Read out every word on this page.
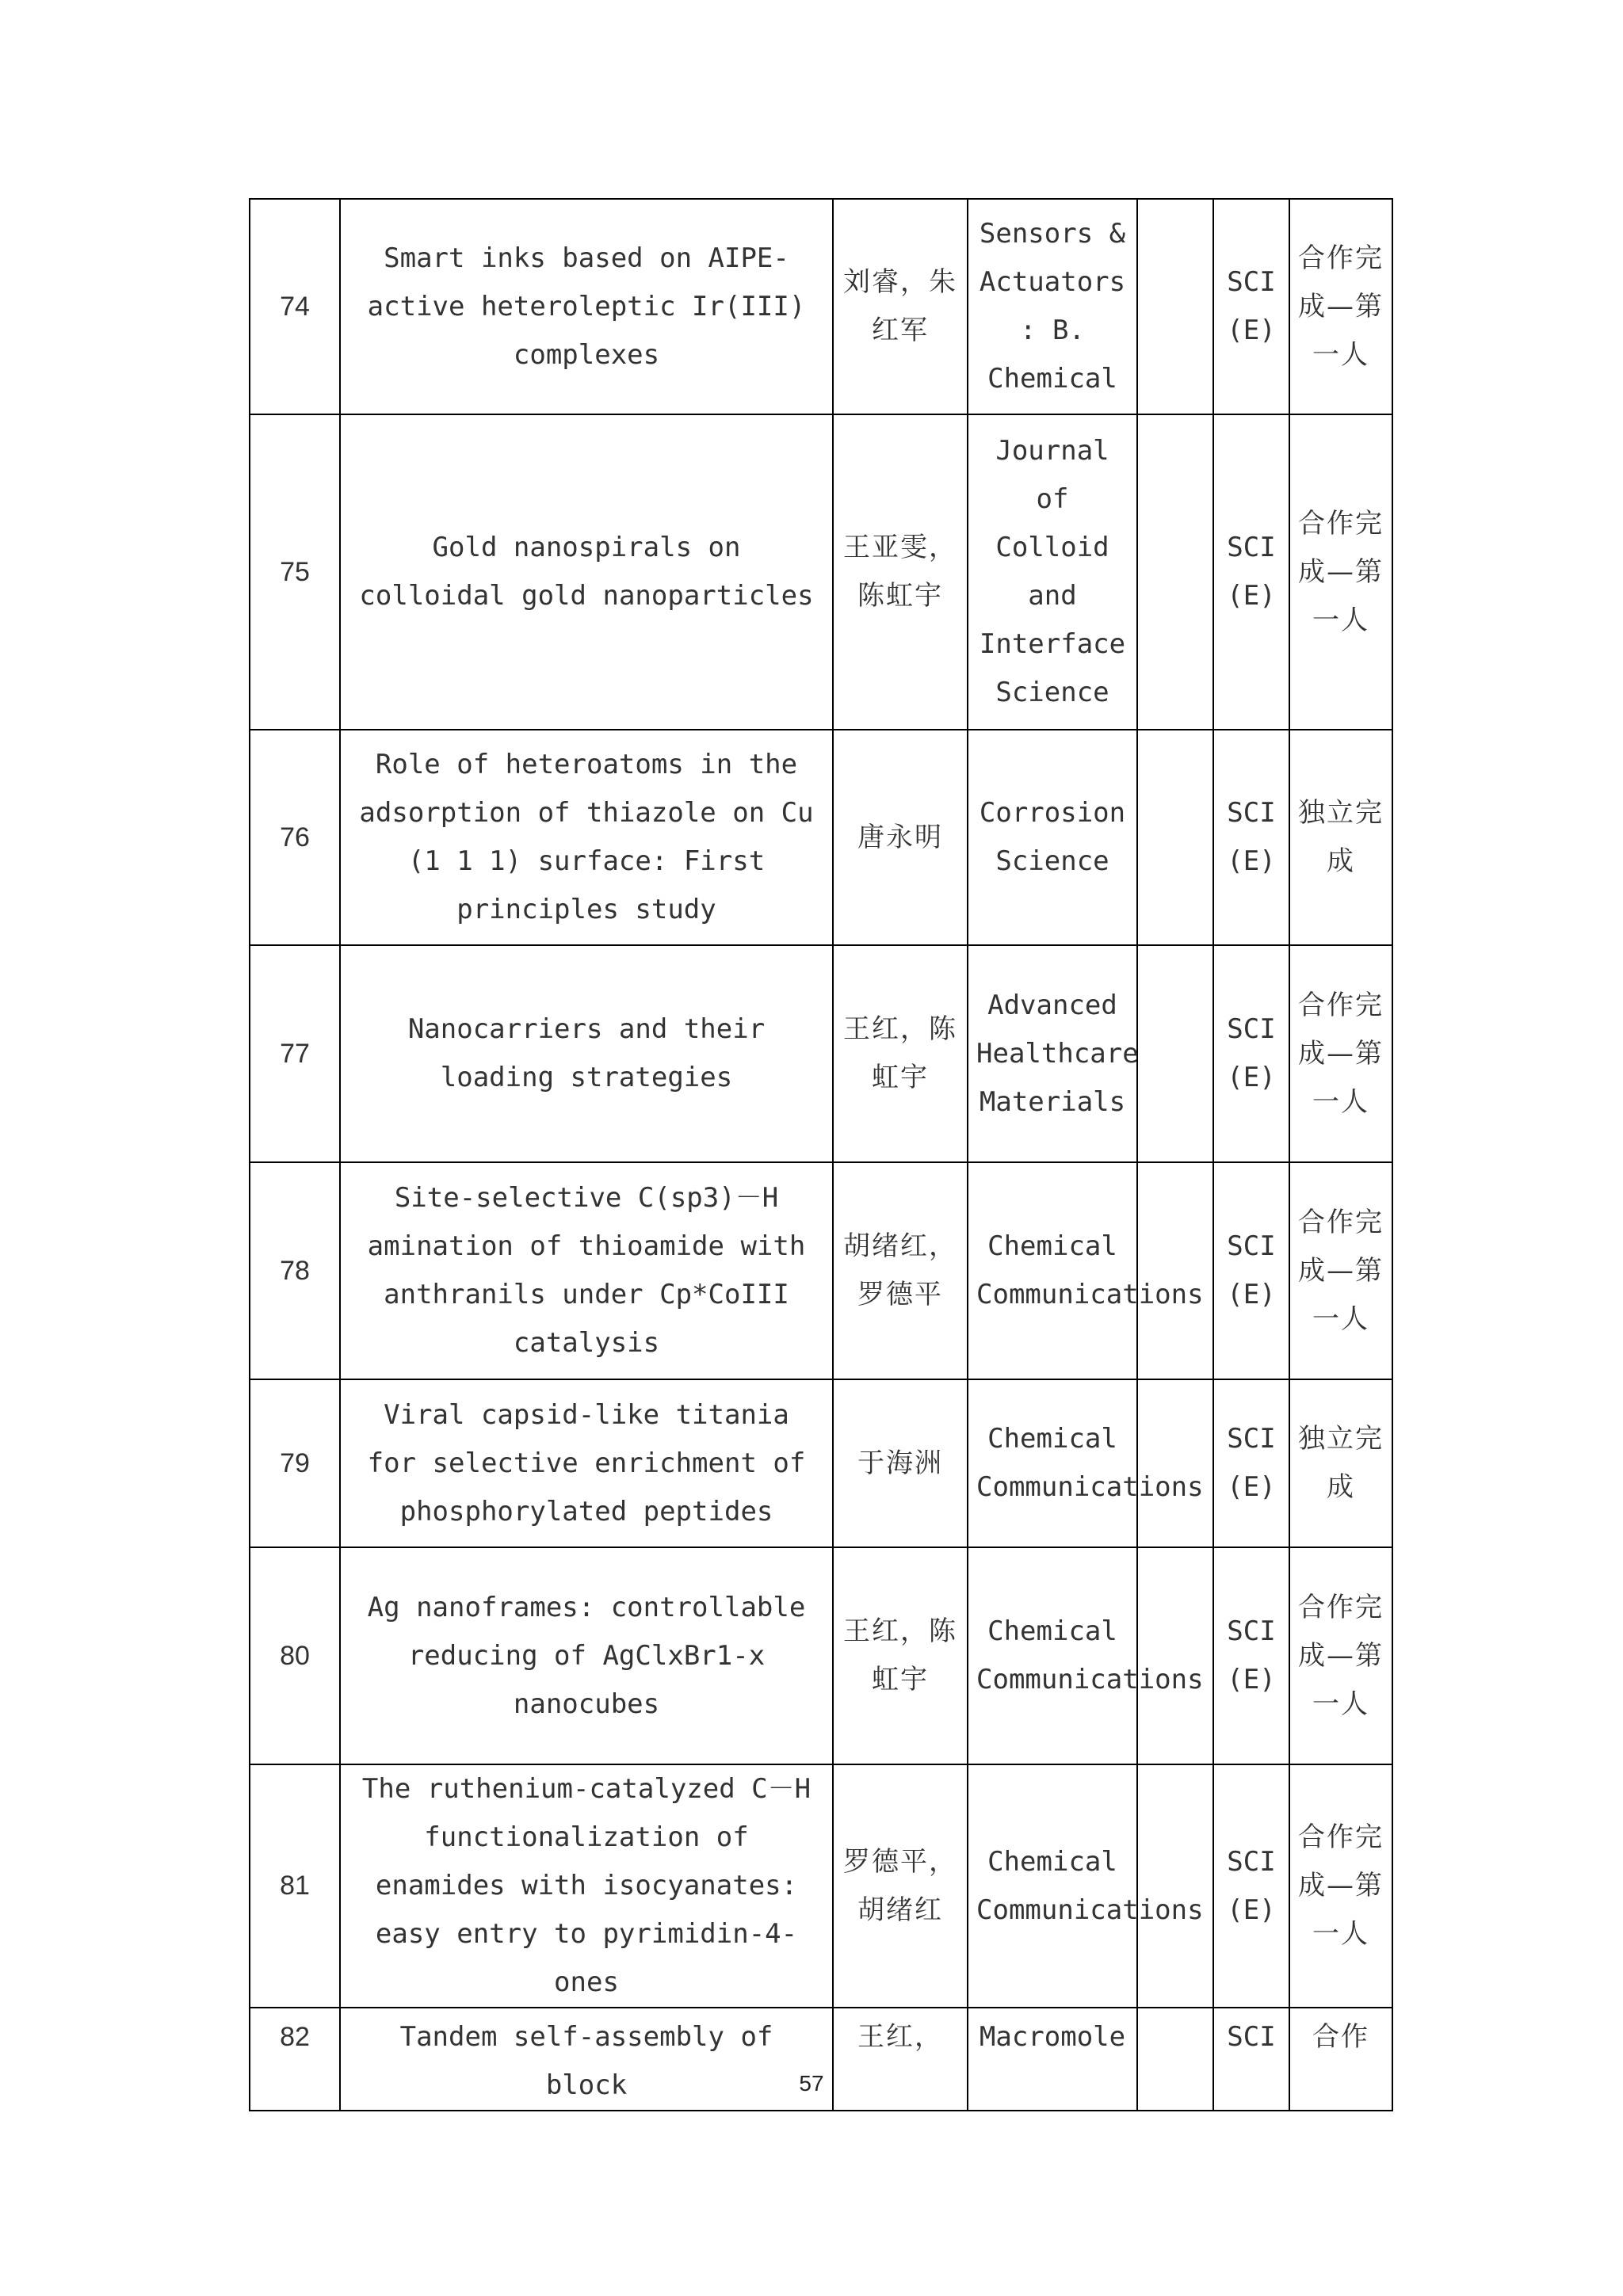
74	Smart inks based on AIPE-active heteroleptic Ir(III) complexes	刘睿，朱红军	Sensors & Actuators : B. Chemical		SCI (E)	合作完成—第一人
75	Gold nanospirals on colloidal gold nanoparticles	王亚雯，陈虹宇	Journal of Colloid and Interface Science		SCI (E)	合作完成—第一人
76	Role of heteroatoms in the adsorption of thiazole on Cu (1 1 1) surface: First principles study	唐永明	Corrosion Science		SCI (E)	独立完成
77	Nanocarriers and their loading strategies	王红，陈虹宇	Advanced Healthcare Materials		SCI (E)	合作完成—第一人
78	Site-selective C(sp3)－H amination of thioamide with anthranils under Cp*CoIII catalysis	胡绪红，罗德平	Chemical Communications		SCI (E)	合作完成—第一人
79	Viral capsid-like titania for selective enrichment of phosphorylated peptides	于海洲	Chemical Communications		SCI (E)	独立完成
80	Ag nanoframes: controllable reducing of AgClxBr1-x nanocubes	王红，陈虹宇	Chemical Communications		SCI (E)	合作完成—第一人
81	The ruthenium-catalyzed C－H functionalization of enamides with isocyanates: easy entry to pyrimidin-4-ones	罗德平，胡绪红	Chemical Communications		SCI (E)	合作完成—第一人
82	Tandem self-assembly of block	王红，	Macromole		SCI	合作
57
